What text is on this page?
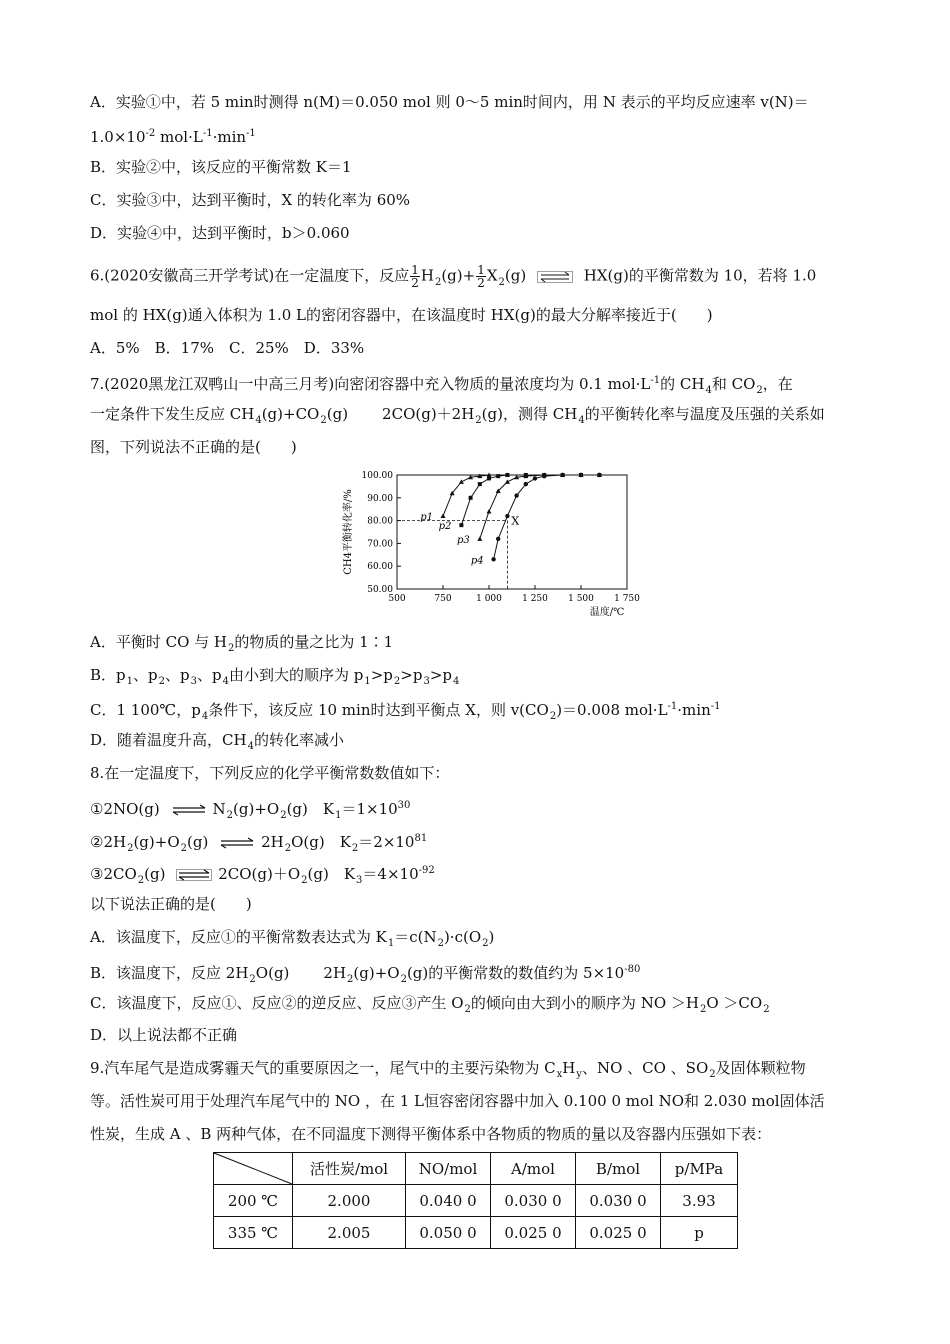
A．实验①中，若 5 min时测得 n(M)＝0.050 mol 则 0～5 min时间内，用 N 表示的平均反应速率 v(N)＝
$1.0\times 10^{-2}$ $mol\cdot L^{-1}\cdot\min^{-1}$
B．实验②中，该反应的平衡常数 K＝1
C．实验③中，达到平衡时，X 的转化率为 60%
D．实验④中，达到平衡时，b＞0.060
6.(2020安徽高三开学考试)在一定温度下，反应 $\frac{1}{2} H_2(g)+ \frac{1}{2} X_2(g)$	HX(g)的平衡常数为 10，若将 1.0
mol 的 HX(g)通入体积为 1.0 L的密闭容器中，在该温度时 HX(g)的最大分解率接近于(　　)
A．5%　B．17%　C．25%　D．33%
7.(2020黑龙江双鸭山一中高三月考)向密闭容器中充入物质的量浓度均为 0.1 $mol\cdot L^{-1}$的 $CH_4$和 $CO_2$，在
一定条件下发生反应 $CH_4(g)+CO_2(g)$ $2CO(g)+2H_2(g)$，测得 $CH_4$的平衡转化率与温度及压强的关系如
图，下列说法不正确的是(　　)
100.00
90.00
80.00
70.00
60.00
50.00
500	750	1 000 1 250 1 500 1 750
温度/℃
CH4平衡转化率/%	p1
p2
p3
p4
X
A．平衡时 CO 与 $H_2$的物质的量之比为 1∶1
B．$p_1$、$p_2$、$p_3$、$p_4$由小到大的顺序为 $p_1>p_2>p_3>p_4$
C．1 100℃，$p_4$条件下，该反应 10 min时达到平衡点 X，则 $v(CO_2)=0.008$ $mol\cdot L^{-1}\cdot\min^{-1}$
D．随着温度升高，$CH_4$的转化率减小
8.在一定温度下，下列反应的化学平衡常数数值如下：
①2NO(g) ⇌ $N_2(g)+O_2(g)$　$K_1=1\times 10^{30}$
$②2H_2(g)+O_2(g)$ ⇌ $2H_2O(g)$　$K_2=2\times 10^{81}$
$③2CO_2(g)$	$2CO(g)+O_2(g)$　$K_3=4\times 10^{-92}$
以下说法正确的是(　　)
A．该温度下，反应①的平衡常数表达式为 $K_1=c(N_2)\cdot c(O_2)$
B．该温度下，反应 $2H_2O(g)$ $2H_2(g)+O_2(g)$的平衡常数的数值约为 $5\times 10^{-80}$
C．该温度下，反应①、反应②的逆反应、反应③产生 $O_2$的倾向由大到小的顺序为 NO $>H_2O >CO_2$
D．以上说法都不正确
9.汽车尾气是造成雾霾天气的重要原因之一，尾气中的主要污染物为 $C_xH_y$、NO 、CO 、$SO_2$及固体颗粒物
等。活性炭可用于处理汽车尾气中的 NO ，在 1 L恒容密闭容器中加入 0.100 0 mol NO和 2.030 mol固体活
性炭，生成 A 、B 两种气体，在不同温度下测得平衡体系中各物质的物质的量以及容器内压强如下表：
	活性炭/mol	NO/mol	A/mol	B/mol	p/MPa
200 ℃	2.000	0.040 0	0.030 0	0.030 0	3.93
335 ℃	2.005	0.050 0	0.025 0	0.025 0	p
